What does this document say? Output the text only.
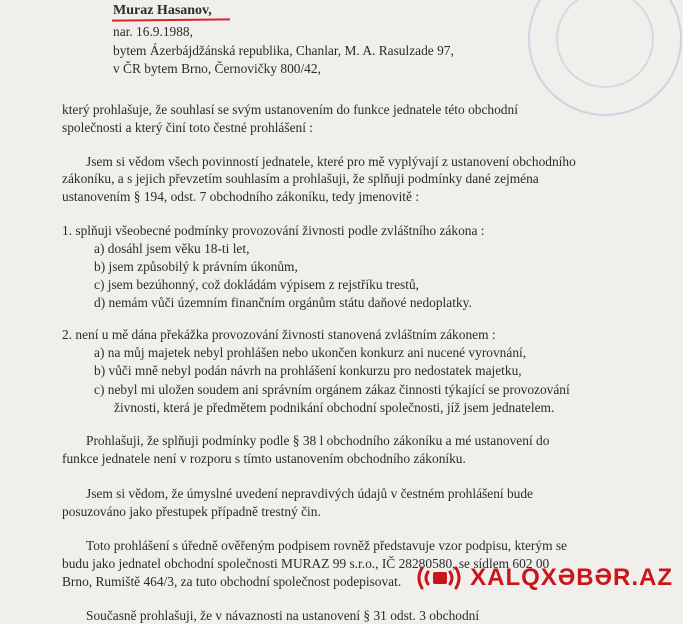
Muraz Hasanov,
nar. 16.9.1988,
bytem Ázerbájdžánská republika, Chanlar, M. A. Rasulzade 97,
v ČR bytem Brno, Černovičky 800/42,
který prohlašuje, že souhlasí se svým ustanovením do funkce jednatele této obchodní
společnosti a který činí toto čestné prohlášení :
Jsem si vědom všech povinností jednatele, které pro mě vyplývají z ustanovení obchodního
zákoníku, a s jejich převzetím souhlasím a prohlašuji, že splňuji podmínky dané zejména
ustanovením § 194, odst. 7 obchodního zákoníku, tedy jmenovitě :
1. splňuji všeobecné podmínky provozování živnosti podle zvláštního zákona :
a) dosáhl jsem věku 18-ti let,
b) jsem způsobilý k právním úkonům,
c) jsem bezúhonný, což dokládám výpisem z rejstříku trestů,
d) nemám vůči územním finančním orgánům státu daňové nedoplatky.
2. není u mě dána překážka provozování živnosti stanovená zvláštním zákonem :
a) na můj majetek nebyl prohlášen nebo ukončen konkurz ani nucené vyrovnání,
b) vůči mně nebyl podán návrh na prohlášení konkurzu pro nedostatek majetku,
c) nebyl mi uložen soudem ani správním orgánem zákaz činnosti týkající se provozování
živnosti, která je předmětem podnikání obchodní společnosti, jíž jsem jednatelem.
Prohlašuji, že splňuji podmínky podle § 38 l obchodního zákoníku a mé ustanovení do
funkce jednatele není v rozporu s tímto ustanovením obchodního zákoníku.
Jsem si vědom, že úmyslné uvedení nepravdivých údajů v čestném prohlášení bude
posuzováno jako přestupek případně trestný čin.
Toto prohlášení s úředně ověřeným podpisem rovněž představuje vzor podpisu, kterým se
budu jako jednatel obchodní společnosti MURAZ 99 s.r.o., IČ 28280580, se sídlem 602 00
Brno, Rumiště 464/3, za tuto obchodní společnost podepisovat.
Současně prohlašuji, že v návaznosti na ustanovení § 31 odst. 3 obchodní
XALQXƏBƏR.AZ
